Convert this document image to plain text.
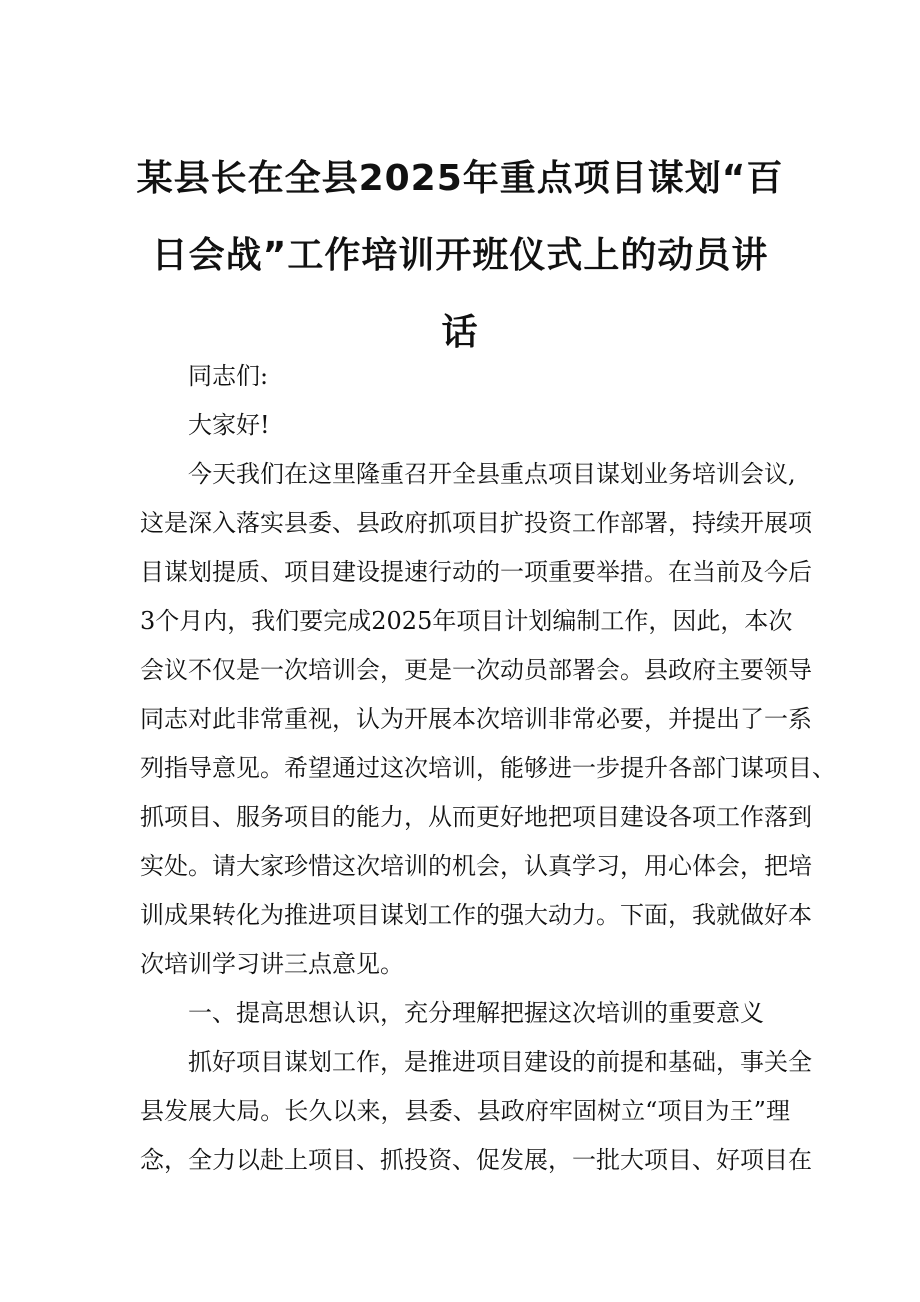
某县长在全县2025年重点项目谋划“百
日会战”工作培训开班仪式上的动员讲
话
同志们:
大家好!
今天我们在这里隆重召开全县重点项目谋划业务培训会议,
这是深入落实县委、县政府抓项目扩投资工作部署，持续开展项
目谋划提质、项目建设提速行动的一项重要举措。在当前及今后
3个月内，我们要完成2025年项目计划编制工作，因此，本次
会议不仅是一次培训会，更是一次动员部署会。县政府主要领导
同志对此非常重视，认为开展本次培训非常必要，并提出了一系
列指导意见。希望通过这次培训，能够进一步提升各部门谋项目、
抓项目、服务项目的能力，从而更好地把项目建设各项工作落到
实处。请大家珍惜这次培训的机会，认真学习，用心体会，把培
训成果转化为推进项目谋划工作的强大动力。下面，我就做好本
次培训学习讲三点意见。
一、提高思想认识，充分理解把握这次培训的重要意义
抓好项目谋划工作，是推进项目建设的前提和基础，事关全
县发展大局。长久以来，县委、县政府牢固树立“项目为王”理
念，全力以赴上项目、抓投资、促发展，一批大项目、好项目在
